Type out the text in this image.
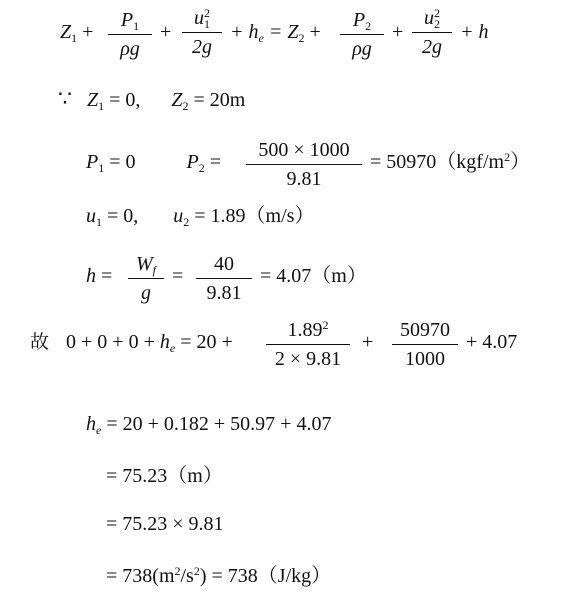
$Z_1 + \frac{P_1}{\rho g} + \frac{u^2_1}{2g} + h_e = Z_2 + \frac{P_2}{\rho g} + \frac{u^2_2}{2g} + h$
∵ $Z_1 = 0$, $Z_2 = 20m$
$P_1 = 0$	$P_2 = \frac{500 \times 1000}{9.81} = 50970(kgf/m^2)$
$u_1 = 0$, $u_2 = 1.89(m/s)$
$h = \frac{W_f}{g} = \frac{40}{9.81} = 4.07(m)$
故 $0 + 0 + 0 + h_e = 20 + \frac{1.89^2}{2 \times 9.81} + \frac{50970}{1000} + 4.07$
$h_e = 20 + 0.182 + 50.97 + 4.07$
= 75.23（m）
= 75.23 × 9.81
= $738(m^2/s^2) = 738(J/kg)$
